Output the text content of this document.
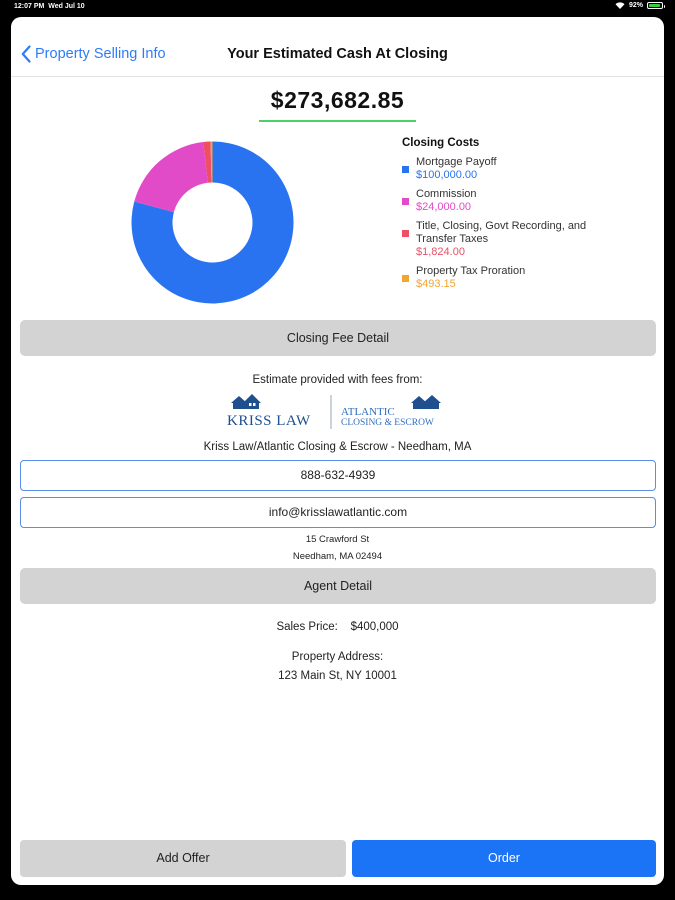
12:07 PM Wed Jul 10	92%
Property Selling Info	Your Estimated Cash At Closing
$273,682.85
Closing Costs
Mortgage Payoff
$100,000.00
Commission
$24,000.00
Title, Closing, Govt Recording, and Transfer Taxes
$1,824.00
Property Tax Proration
$493.15
Closing Fee Detail
Estimate provided with fees from:
KRISS LAW
ATLANTIC
CLOSING & ESCROW
Kriss Law/Atlantic Closing & Escrow - Needham, MA
888-632-4939
info@krisslawatlantic.com
15 Crawford St
Needham, MA 02494
Agent Detail
Sales Price: $400,000
Property Address:
123 Main St, NY 10001
Add Offer	Order
